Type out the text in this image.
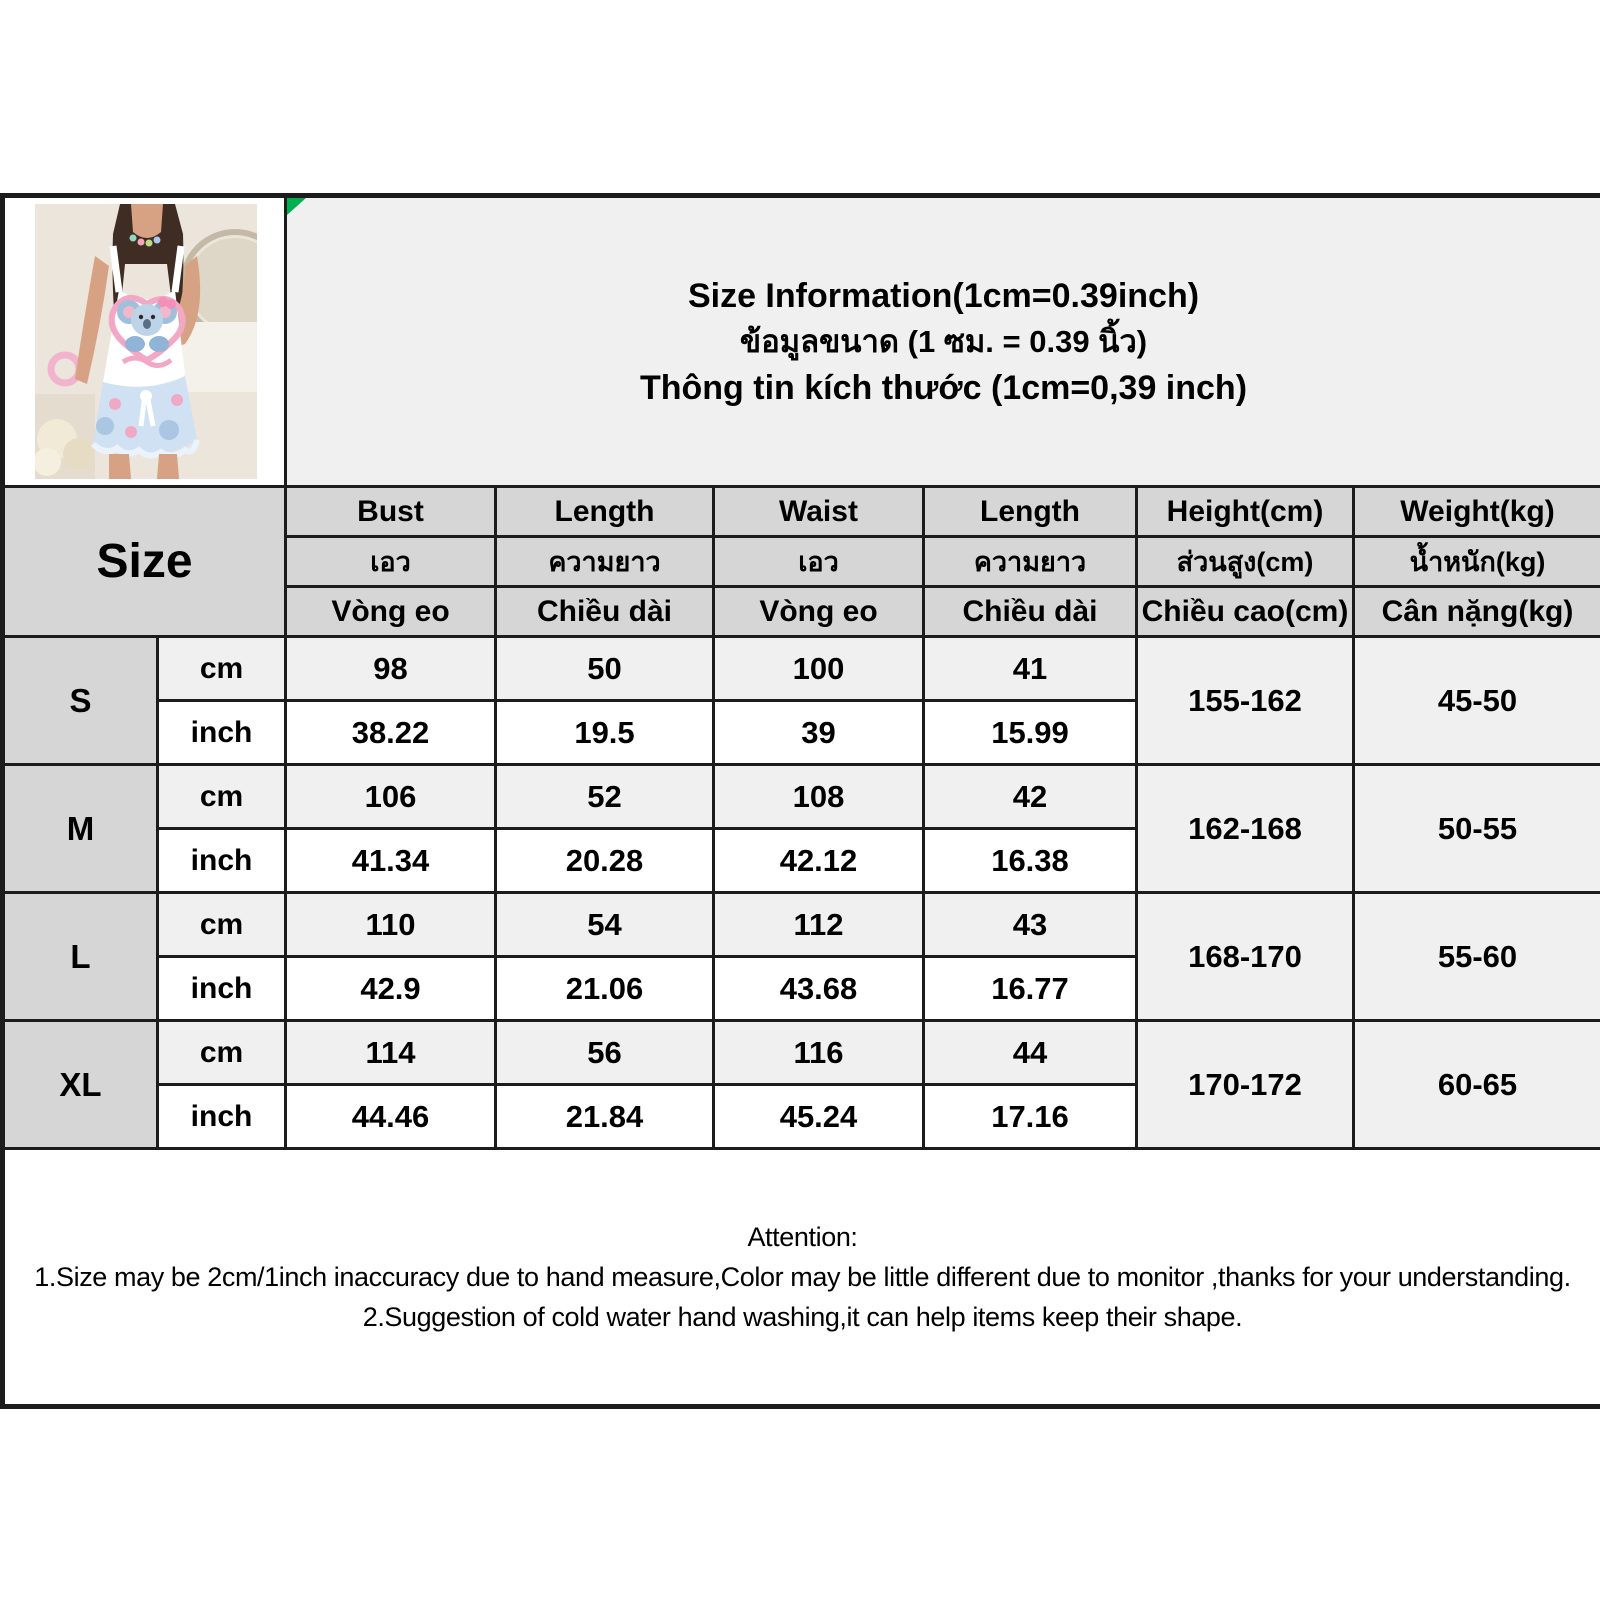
Size Information(1cm=0.39inch)
ข้อมูลขนาด (1 ซม. = 0.39 นิ้ว)
Thông tin kích thước (1cm=0,39 inch)					

Size		Bust	Length	Waist	Length	Height(cm)	Weight(kg)
		เอว	ความยาว	เอว	ความยาว	ส่วนสูง(cm)	น้ำหนัก(kg)
		Vòng eo	Chiều dài	Vòng eo	Chiều dài	Chiều cao(cm)	Cân nặng(kg)
S	cm	98	50	100	41	155-162	45-50
	inch	38.22	19.5	39	15.99		
M	cm	106	52	108	42	162-168	50-55
	inch	41.34	20.28	42.12	16.38		
L	cm	110	54	112	43	168-170	55-60
	inch	42.9	21.06	43.68	16.77		
XL	cm	114	56	116	44	170-172	60-65
	inch	44.46	21.84	45.24	17.16		

Attention:
1.Size may be 2cm/1inch inaccuracy due to hand measure,Color may be little different due to monitor ,thanks for your understanding.
2.Suggestion of cold water hand washing,it can help items keep their shape.							
